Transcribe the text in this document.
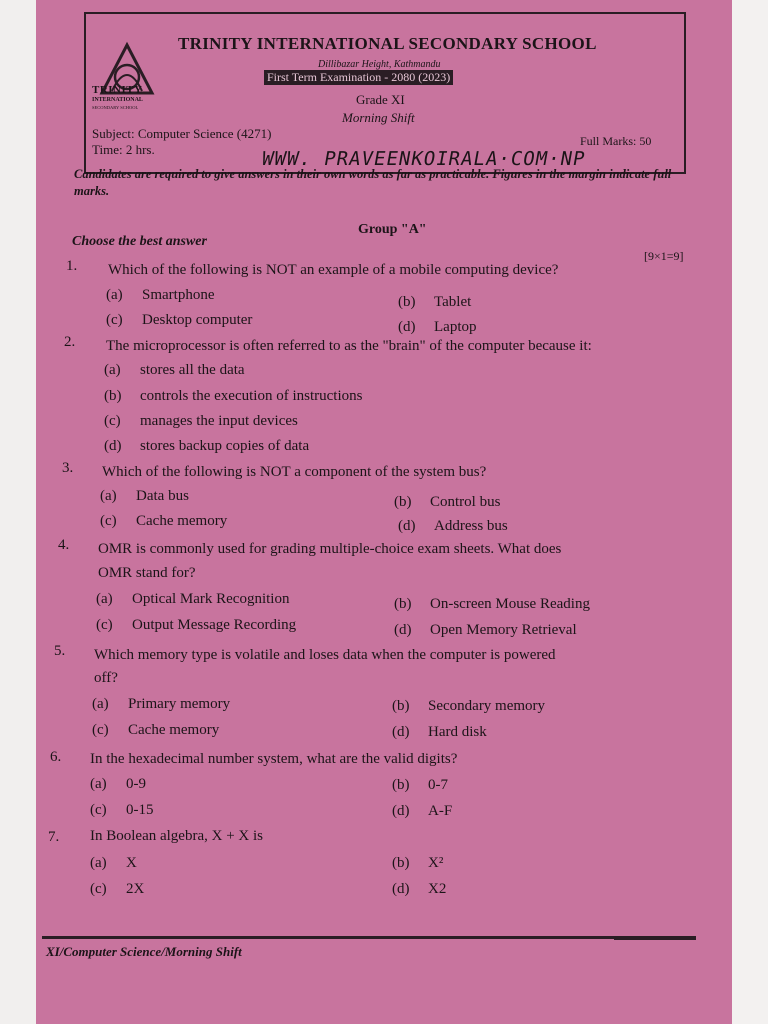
TRINITY
INTERNATIONAL
SECONDARY SCHOOL
TRINITY INTERNATIONAL SECONDARY SCHOOL
Dillibazar Height, Kathmandu
First Term Examination - 2080 (2023)
Grade XI
Morning Shift
Subject: Computer Science (4271)
Time: 2 hrs.
Full Marks: 50
WWW. PRAVEENKOIRALA·COM·NP
Candidates are required to give answers in their own words as far as practicable. Figures in the margin indicate full marks.
Group "A"
Choose the best answer
[9×1=9]
1. Which of the following is NOT an example of a mobile computing device?
(a) Smartphone	(b) Tablet
(c) Desktop computer	(d) Laptop
2. The microprocessor is often referred to as the "brain" of the computer because it:
(a) stores all the data
(b) controls the execution of instructions
(c) manages the input devices
(d) stores backup copies of data
3. Which of the following is NOT a component of the system bus?
(a) Data bus	(b) Control bus
(c) Cache memory	(d) Address bus
4. OMR is commonly used for grading multiple-choice exam sheets. What does
OMR stand for?
(a) Optical Mark Recognition	(b) On-screen Mouse Reading
(c) Output Message Recording	(d) Open Memory Retrieval
5. Which memory type is volatile and loses data when the computer is powered
off?
(a) Primary memory	(b) Secondary memory
(c) Cache memory	(d) Hard disk
6. In the hexadecimal number system, what are the valid digits?
(a) 0-9	(b) 0-7
(c) 0-15	(d) A-F
7. In Boolean algebra, X + X is
(a) X	(b) X²
(c) 2X	(d) X2
XI/Computer Science/Morning Shift
